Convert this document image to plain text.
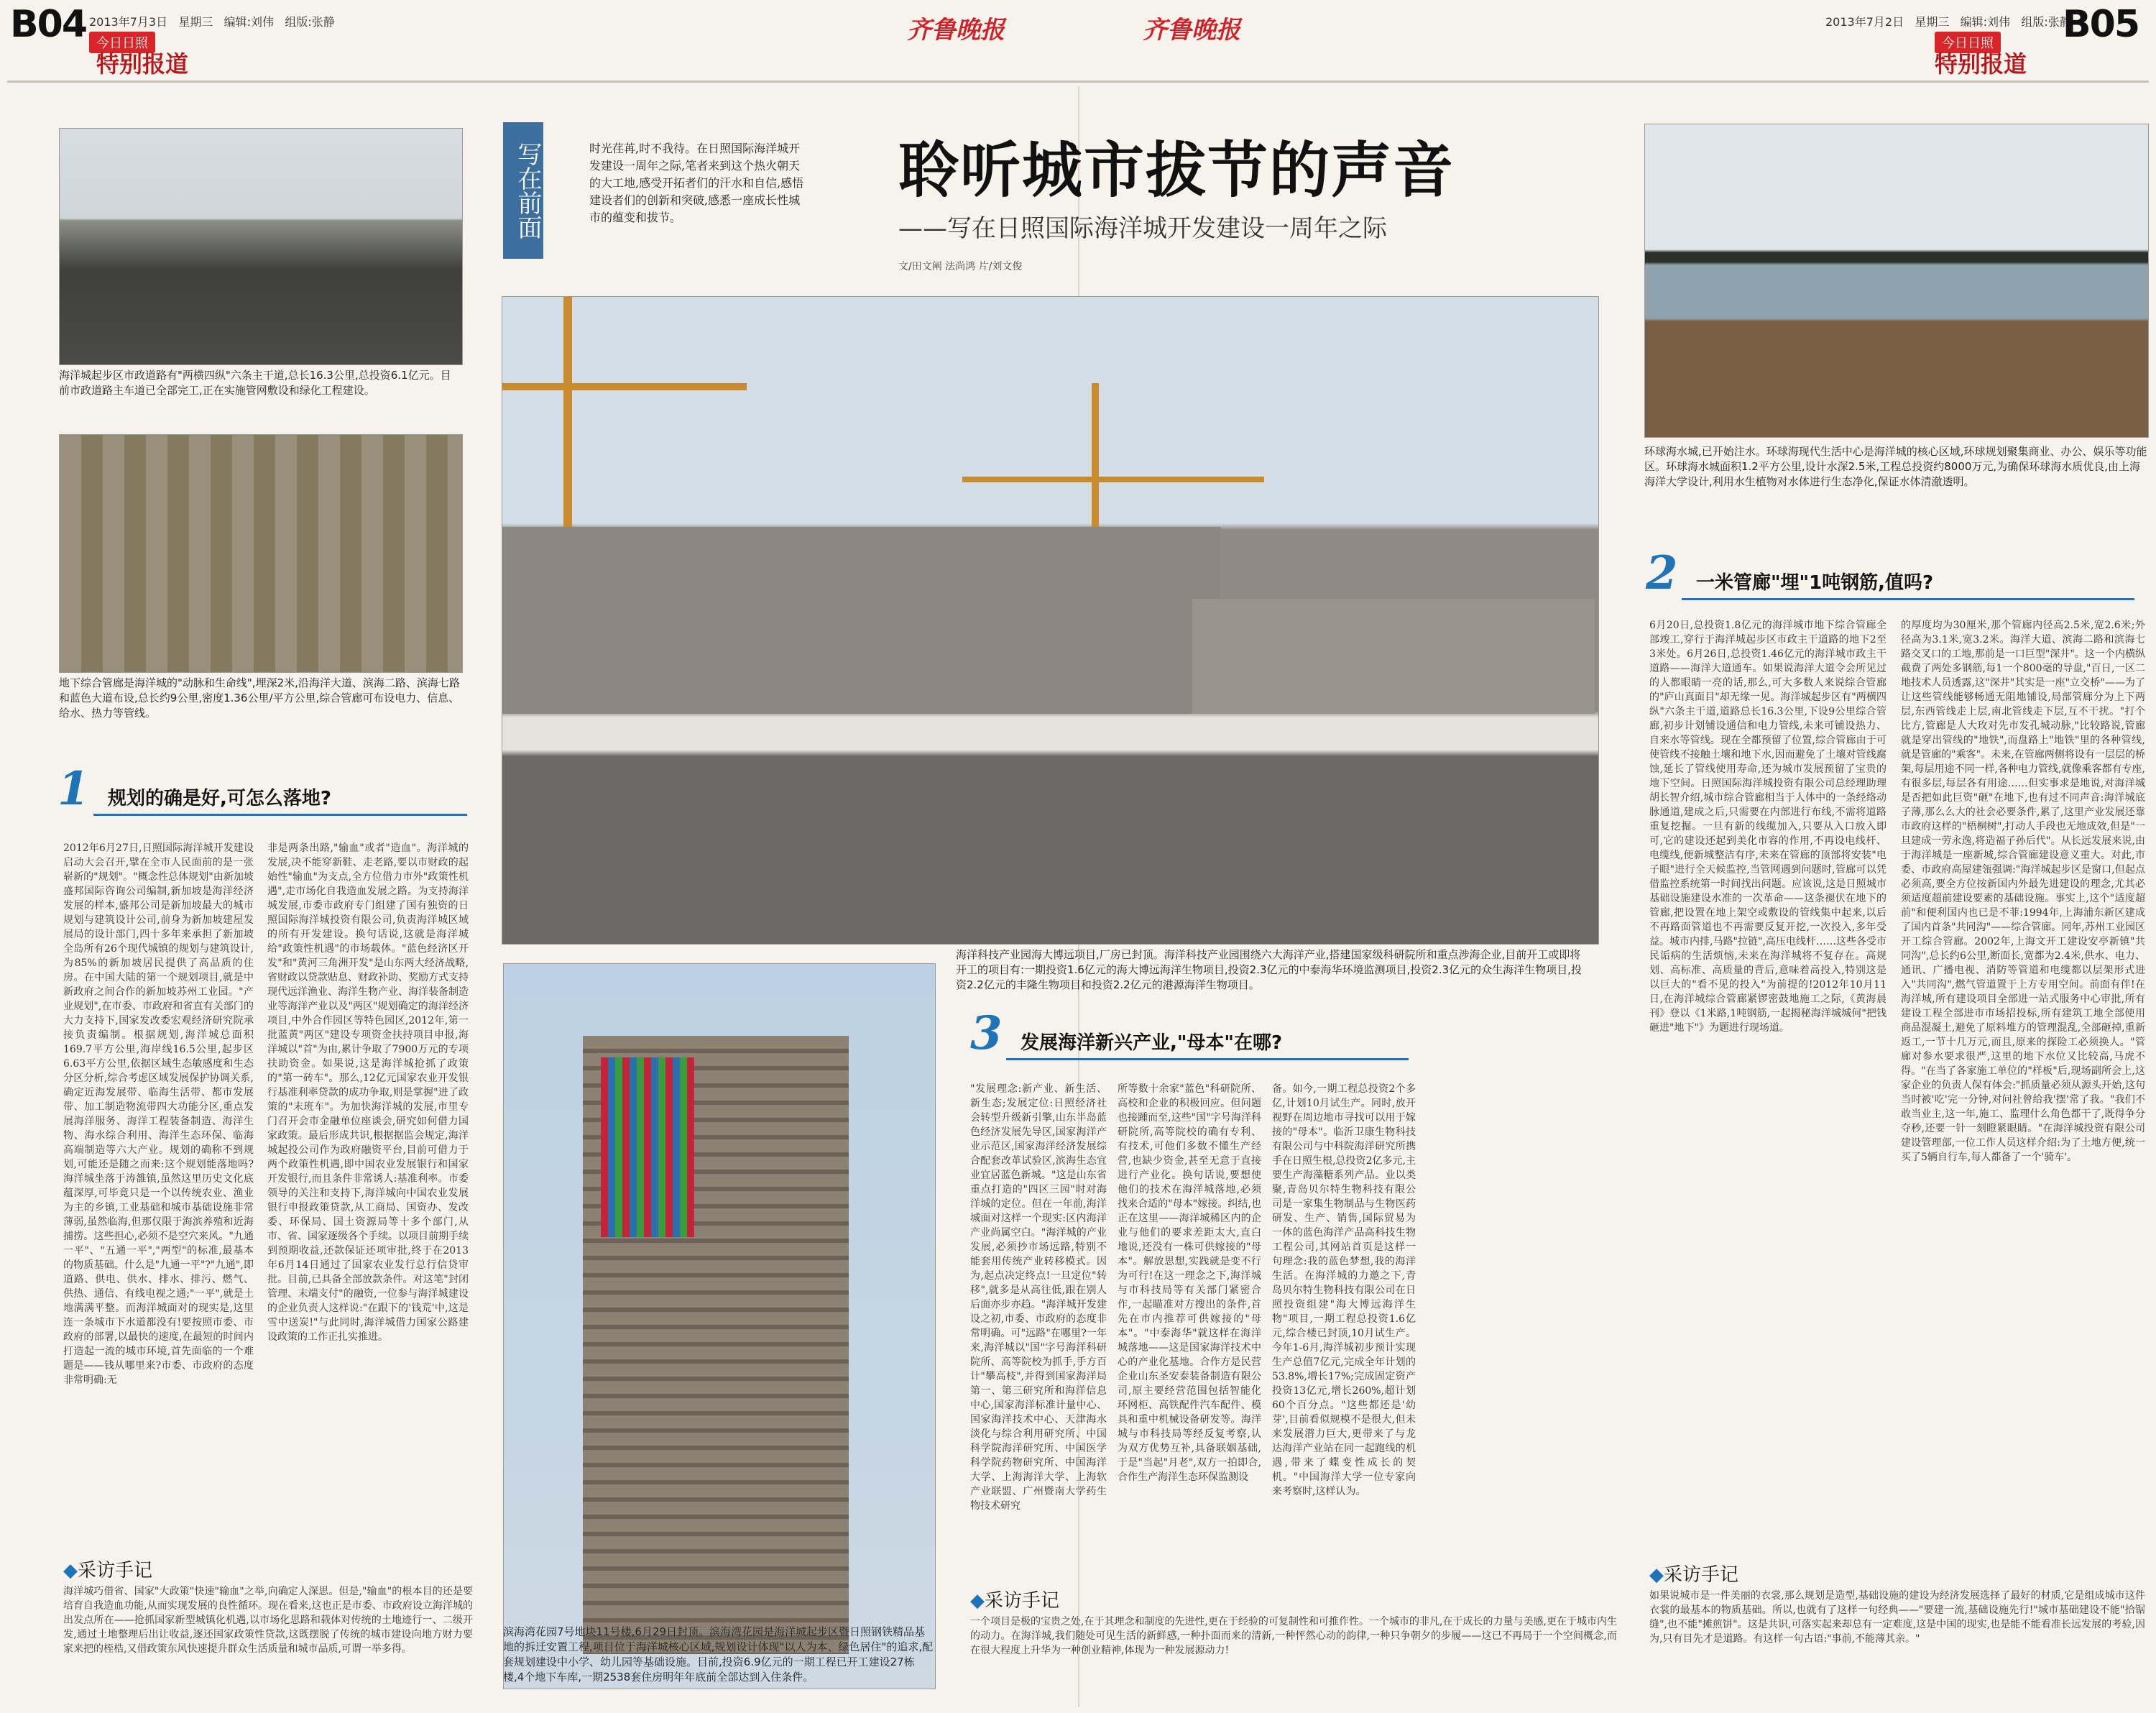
B04 2013年7月3日 星期三 编辑:刘伟 组版:张静
今日日照
特别报道
齐鲁晚报	齐鲁晚报	2013年7月2日 星期三 编辑:刘伟 组版:张静
B05
今日日照
特别报道
海洋城起步区市政道路有"两横四纵"六条主干道,总长16.3公里,总投资6.1亿元。目前市政道路主车道已全部完工,正在实施管网敷设和绿化工程建设。
地下综合管廊是海洋城的"动脉和生命线",埋深2米,沿海洋大道、滨海二路、滨海七路和蓝色大道布设,总长约9公里,密度1.36公里/平方公里,综合管廊可布设电力、信息、给水、热力等管线。
1 规划的确是好,可怎么落地?
2012年6月27日,日照国际海洋城开发建设启动大会召开,擘在全市人民面前的是一张崭新的"规划"。"概念性总体规划"由新加坡盛邦国际咨询公司编制,新加坡是海洋经济发展的样本,盛邦公司是新加坡最大的城市规划与建筑设计公司,前身为新加坡建屋发展局的设计部门,四十多年来承担了新加坡全岛所有26个现代城镇的规划与建筑设计,为85%的新加坡居民提供了高品质的住房。在中国大陆的第一个规划项目,就是中新政府之间合作的新加坡苏州工业园。"产业规划",在市委、市政府和省直有关部门的大力支持下,国家发改委宏观经济研究院承接负责编制。根据规划,海洋城总面积169.7平方公里,海岸线16.5公里,起步区6.63平方公里,依据区域生态敏感度和生态分区分析,综合考虑区域发展保护协调关系,确定近海发展带、临海生活带、都市发展带、加工制造物流带四大功能分区,重点发展海洋服务、海洋工程装备制造、海洋生物、海水综合利用、海洋生态环保、临海高端制造等六大产业。规划的确称不到规划,可能还是随之而来:这个规划能落地吗?海洋城坐落于涛雒镇,虽然这里历史文化底蕴深厚,可毕竟只是一个以传统农业、渔业为主的乡镇,工业基础和城市基础设施非常薄弱,虽然临海,但那仅限于海滨养殖和近海捕捞。这些担心,必须不是空穴来风。"九通一平"、"五通一平","两型"的标准,最基本的物质基础。什么是"九通一平"?"九通",即道路、供电、供水、排水、排污、燃气、供热、通信、有线电视之通;"一平",就是土地满满平整。而海洋城面对的现实是,这里连一条城市下水道都没有!要按照市委、市政府的部署,以最快的速度,在最短的时间内打造起一流的城市环境,首先面临的一个难题是——钱从哪里来?市委、市政府的态度非常明确:无
非是两条出路,"输血"或者"造血"。海洋城的发展,决不能穿新鞋、走老路,要以市财政的起始性"输血"为支点,全方位借力市外"政策性机遇",走市场化自我造血发展之路。为支持海洋城发展,市委市政府专门组建了国有独资的日照国际海洋城投资有限公司,负责海洋城区域的所有开发建设。换句话说,这就是海洋城给"政策性机遇"的市场载体。"蓝色经济区开发"和"黄河三角洲开发"是山东两大经济战略,省财政以贷款贴息、财政补助、奖励方式支持现代远洋渔业、海洋生物产业、海洋装备制造业等海洋产业以及"两区"规划确定的海洋经济项目,中外合作园区等特色园区,2012年,第一批蓝黄"两区"建设专项资金扶持项目申报,海洋城以"首"为由,累计争取了7900万元的专项扶助资金。如果说,这是海洋城抢抓了政策的"第一砖车"。那么,12亿元国家农业开发银行基准利率贷款的成功争取,则是掌握"进了政策的"末班车"。为加快海洋城的发展,市里专门召开会市金融单位座谈会,研究如何借力国家政策。最后形成共识,根据据监会规定,海洋城起投公司作为政府融资平台,目前可借力于两个政策性机遇,即中国农业发展银行和国家开发银行,而且条件非常诱人:基准利率。市委领导的关注和支持下,海洋城向中国农业发展银行申报政策贷款,从工商局、国资办、发改委、环保局、国土资源局等十多个部门,从市、省、国家逐级各个手续。以项目前期手续到预期收益,还款保证还项审批,终于在2013年6月14日通过了国家农业发行总行信贷审批。目前,已具备全部放款条件。对这笔"封闭管理、末端支付"的融资,一位参与海洋城建设的企业负责人这样说:"在跟下的'钱荒'中,这是雪中送炭!"与此同时,海洋城借力国家公路建设政策的工作正扎实推进。
◆采访手记
海洋城巧借省、国家"大政策"快速"输血"之举,向确定人深思。但是,"输血"的根本目的还是要培育自我造血功能,从而实现发展的良性循环。现在看来,这也正是市委、市政府设立海洋城的出发点所在——抢抓国家新型城镇化机遇,以市场化思路和载体对传统的土地迹行一、二级开发,通过土地整理后出让收益,逐还国家政策性贷款,这既摆脱了传统的城市建设向地方财力要家来把的桎梏,又借政策东风快速提升群众生活质量和城市品质,可谓一举多得。
写在前面	时光荏苒,时不我待。在日照国际海洋城开发建设一周年之际,笔者来到这个热火朝天的大工地,感受开拓者们的汗水和自信,感悟建设者们的创新和突破,感悉一座成长性城市的蕴变和拔节。
聆听城市拔节的声音
——写在日照国际海洋城开发建设一周年之际
文/田文阐 法尚鸿 片/刘文俊
海洋科技产业园海大博远项目,厂房已封顶。海洋科技产业园围绕六大海洋产业,搭建国家级科研院所和重点涉海企业,目前开工或即将开工的项目有:一期投资1.6亿元的海大博远海洋生物项目,投资2.3亿元的中泰海华环境监测项目,投资2.3亿元的众生海洋生物项目,投资2.2亿元的丰隆生物项目和投资2.2亿元的港源海洋生物项目。
滨海湾花园7号地块11号楼,6月29日封顶。滨海湾花园是海洋城起步区暨日照钢铁精品基地的拆迁安置工程,项目位于海洋城核心区域,规划设计体现"以人为本、绿色居住"的追求,配套规划建设中小学、幼儿园等基础设施。目前,投资6.9亿元的一期工程已开工建设27栋楼,4个地下车库,一期2538套住房明年年底前全部达到入住条件。
3 发展海洋新兴产业,"母本"在哪?
"发展理念:新产业、新生活、新生态;发展定位:日照经济社会转型升级新引擎,山东半岛蓝色经济发展先导区,国家海洋产业示范区,国家海洋经济发展综合配套改革试验区,滨海生态宜业宜居蓝色新城。"这是山东省重点打造的"四区三园"时对海洋城的定位。但在一年前,海洋城面对这样一个现实:区内海洋产业尚属空白。"海洋城的产业发展,必须抄市场远路,特别不能套用传统产业转移模式。因为,起点决定终点!一旦定位"转移",就多是从高往低,跟在别人后面亦步亦趋。"海洋城开发建设之初,市委、市政府的态度非常明确。可"远路"在哪里?一年来,海洋城以"国"字号海洋科研院所、高等院校为抓手,手方百计"攀高枝",并得到国家海洋局第一、第三研究所和海洋信息中心,国家海洋标准计量中心、国家海洋技术中心、天津海水淡化与综合利用研究所、中国科学院海洋研究所、中国医学科学院药物研究所、中国海洋大学、上海海洋大学、上海软产业联盟、广州暨南大学药生物技术研究
所等数十余家"蓝色"科研院所、高校和企业的积极回应。但问题也接踵而至,这些"国"字号海洋科研院所,高等院校的确有专利、有技术,可他们多数不懂生产经营,也缺少资金,甚至无意于直接进行产业化。换句话说,要想使他们的技术在海洋城落地,必须找来合适的"母本"嫁接。纠结,也正在这里——海洋城稀区内的企业与他们的要求差距太大,直白地说,还没有一株可供嫁接的"母本"。解放思想,实践就是变不行为可行!在这一理念之下,海洋城与市科技局等有关部门紧密合作,一起瞄准对方搜出的条件,首先在市内推荐可供嫁接的"母本"。"中泰海华"就这样在海洋城落地——这是国家海洋技术中心的产业化基地。合作方是民营企业山东圣安泰装备制造有限公司,原主要经营范围包括智能化环网柜、高铁配件汽车配件、模具和重中机械设备研发等。海洋城与市科技局等经反复考察,认为双方优势互补,具备联姻基础,于是"当起"月老",双方一拍即合,合作生产海洋生态环保监测设
备。如今,一期工程总投资2个多亿,计划10月试生产。同时,放开视野在周边地市寻找可以用于嫁接的"母本"。临沂卫康生物科技有限公司与中科院海洋研究所携手在日照生根,总投资2亿多元,主要生产海藻糖系列产品。业以类聚,青岛贝尔特生物科技有限公司是一家集生物制品与生物医药研发、生产、销售,国际贸易为一体的蓝色海洋产品高科技生物工程公司,其网站首页是这样一句理念:我的蓝色梦想,我的海洋生活。在海洋城的力邀之下,青岛贝尔特生物科技有限公司在日照投资组建"海大博远海洋生物"项目,一期工程总投资1.6亿元,综合楼已封顶,10月试生产。今年1-6月,海洋城初步预计实现生产总值7亿元,完成全年计划的53.8%,增长17%;完成固定资产投资13亿元,增长260%,超计划60个百分点。"这些都还是'幼芽',目前看似规模不是很大,但未来发展潜力巨大,更带来了与龙达海洋产业站在同一起跑线的机遇,带来了蝶变性成长的契机。"中国海洋大学一位专家向来考察时,这样认为。
◆采访手记
一个项目是极的宝贵之处,在于其理念和制度的先进性,更在于经验的可复制性和可推作性。一个城市的非凡,在于成长的力量与美感,更在于城市内生的动力。在海洋城,我们随处可见生活的新鲜感,一种扑面而来的清新,一种怦然心动的韵律,一种只争朝夕的步履——这已不再局于一个空间概念,而在很大程度上升华为一种创业精神,体现为一种发展源动力!
环球海水城,已开始注水。环球海现代生活中心是海洋城的核心区域,环球规划聚集商业、办公、娱乐等功能区。环球海水城面积1.2平方公里,设计水深2.5米,工程总投资约8000万元,为确保环球海水质优良,由上海海洋大学设计,利用水生植物对水体进行生态净化,保证水体清澈透明。
2 一米管廊"埋"1吨钢筋,值吗?
6月20日,总投资1.8亿元的海洋城市地下综合管廊全部竣工,穿行于海洋城起步区市政主干道路的地下2至3米处。6月26日,总投资1.46亿元的海洋城市政主干道路——海洋大道通车。如果说海洋大道令会所见过的人都眼睛一亮的话,那么,可大多数人来说综合管廊的"庐山真面目"却无缘一见。海洋城起步区有"两横四纵"六条主干道,道路总长16.3公里,下设9公里综合管廊,初步计划铺设通信和电力管线,未来可铺设热力、自来水等管线。现在全都预留了位置,综合管廊由于可使管线不接触土壤和地下水,因而避免了土壤对管线腐蚀,延长了管线使用寿命,还为城市发展预留了宝贵的地下空间。日照国际海洋城投资有限公司总经理助理胡长智介绍,城市综合管廊相当于人体中的一条经络动脉通道,建成之后,只需要在内部进行布线,不需将道路重复挖掘。一旦有新的线缆加入,只要从入口放入即可,它的建设还起到美化市容的作用,不再设电线杆、电缆线,便新城整洁有序,未来在管廊的顶部将安装"电子眼"进行全天候监控,当管网遇到问题时,管廊可以凭借监控系统第一时间找出问题。应该说,这是日照城市基础设施建设水准的一次革命——这条褪伏在地下的管廊,把设置在地上架空或敷设的管线集中起来,以后不再路面管道也不再需要反复开挖,一次投入,多年受益。城市内排,马路"拉链",高压电线杆……这些各受市民诟病的生活烦恼,未来在海洋城将不复存在。高规划、高标准、高质量的背后,意味着高投入,特别这是以巨大的"看不见的投入"为前提的!2012年10月11日,在海洋城综合管廊紧锣密鼓地施工之际,《黄海晨刊》登以《1米路,1吨钢筋,一起揭秘海洋城城何"把钱砸进"地下"》为题进行现场道。
的厚度均为30厘米,那个管廊内径高2.5米,宽2.6米;外径高为3.1米,宽3.2米。海洋大道、滨海二路和滨海七路交叉口的工地,那前是一口巨型"深井"。这一个内横纵截费了两处多钢筋,每1一个800毫的导盘,"百日,一区二地技术人员透露,这"深井"其实是一座"立交桥"——为了让这些管线能够畅通无阻地铺设,局部管廊分为上下两层,东西管线走上层,南北管线走下层,互不干扰。"打个比方,管廊是人大玫对先市发孔城动脉,"比较路说,管廊就是穿出管线的"地铁",而盘路上"地铁"里的各种管线,就是管廊的"乘客"。未来,在管廊两侧将设有一层层的桥架,每层用途不同一样,各种电力管线,就像乘客都有专座,有很多层,每层各有用途……但实事求是地说,对海洋城是否把如此巨资"砸"在地下,也有过不同声音:海洋城底子薄,那么么大的社会必要条件,累了,这里产业发展还靠市政府这样的"梧桐树",打动人手段也无地成效,但是"一旦建成一劳永逸,将造福子孙后代"。从长远发展来说,由于海洋城是一座新城,综合管廊建设意义重大。对此,市委、市政府高屋建瓴强调:"海洋城起步区是窗口,但起点必须高,要全方位按新国内外最先进建设的理念,尤其必须适度超前建设要素的基础设施。事实上,这个"适度超前"和便利国内也已是不菲:1994年,上海浦东新区建成了国内首条"共同沟"——综合管廊。同年,苏州工业园区开工综合管廊。2002年,上海文开工建设安亭新镇"共同沟",总长约6公里,断面长,宽都为2.4米,供水、电力、通讯、广播电视、消防等管道和电缆都以层架形式进入"共同沟",燃气管道置于上方专用空间。前面有伴!在海洋城,所有建设项目全部进一站式服务中心审批,所有建设工程全部进市市场招投标,所有建筑工地全部使用商品混凝土,避免了原料堆方的管理混乱,全部砸掉,重新返工,一节十几万元,而且,原来的探险工必须换人。"管廊对参水要求很严,这里的地下水位又比较高,马虎不得。"在当了各家施工单位的"样板"后,现场副所会上,这家企业的负责人保有体会:"抓质量必须从源头开始,这句当时被'吃'完一分钟,对问社曾给我'摆'常了我。"我们不敢当业主,这一年,施工、监理什么角色都干了,既得争分夺秒,还要一针一刻瞪紧眼睛。"在海洋城投资有限公司建设管理部,一位工作人员这样介绍:为了土地方便,统一买了5辆自行车,每人都备了一个'骑车'。
◆采访手记
如果说城市是一件美丽的衣裳,那么规划是造型,基础设施的建设为经济发展选择了最好的材质,它是组成城市这件衣裳的最基本的物质基础。所以,也就有了这样一句经典——"要建一流,基础设施先行!"城市基础建设不能"拾锯缝",也不能"摊煎饼"。这是共识,可落实起来却总有一定难度,这是中国的现实,也是能不能看准长远发展的考验,因为,只有目先才是道路。有这样一句古语:"事前,不能薄其亲。"
